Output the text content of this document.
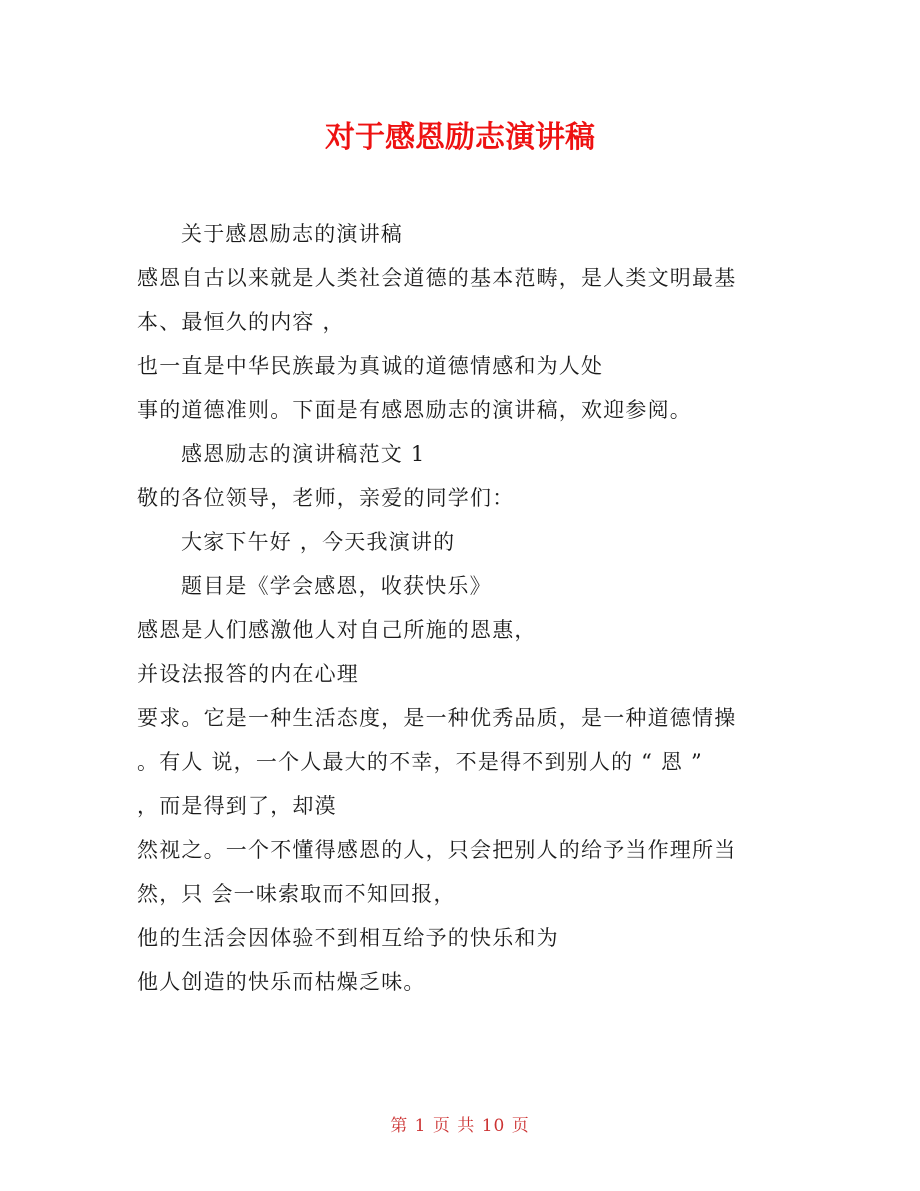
对于感恩励志演讲稿
关于感恩励志的演讲稿
感恩自古以来就是人类社会道德的基本范畴，是人类文明最基
本、最恒久的内容 ，
也一直是中华民族最为真诚的道德情感和为人处
事的道德准则。下面是有感恩励志的演讲稿，欢迎参阅。
感恩励志的演讲稿范文 1
敬的各位领导，老师，亲爱的同学们：
大家下午好 ，今天我演讲的
题目是《学会感恩，收获快乐》
感恩是人们感激他人对自己所施的恩惠，
并设法报答的内在心理
要求。它是一种生活态度，是一种优秀品质，是一种道德情操
。有人 说，一个人最大的不幸，不是得不到别人的 “ 恩 ”
，而是得到了，却漠
然视之。一个不懂得感恩的人，只会把别人的给予当作理所当
然，只 会一味索取而不知回报，
他的生活会因体验不到相互给予的快乐和为
他人创造的快乐而枯燥乏味。
第 1 页 共 10 页
